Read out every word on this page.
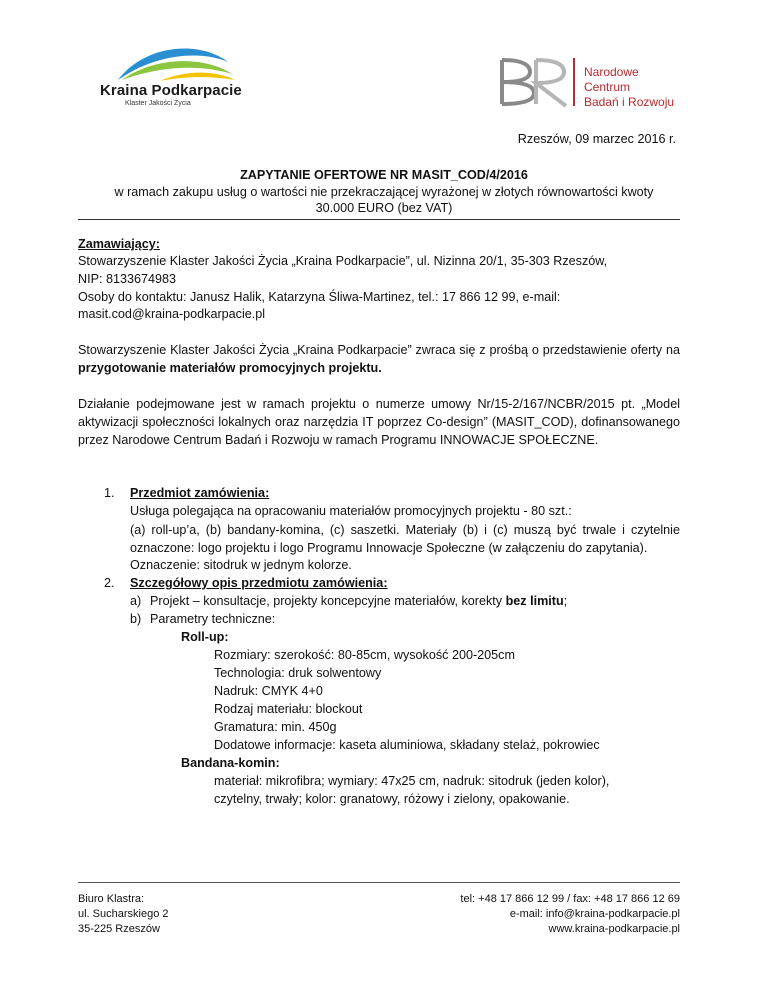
Kraina Podkarpacie
Klaster Jakości Życia
Narodowe Centrum
Badań i Rozwoju
Rzeszów, 09 marzec 2016 r.
ZAPYTANIE OFERTOWE NR MASIT_COD/4/2016
w ramach zakupu usług o wartości nie przekraczającej wyrażonej w złotych równowartości kwoty
30.000 EURO (bez VAT)
Zamawiający:
Stowarzyszenie Klaster Jakości Życia „Kraina Podkarpacie”, ul. Nizinna 20/1, 35-303 Rzeszów,
NIP: 8133674983
Osoby do kontaktu: Janusz Halik, Katarzyna Śliwa-Martinez, tel.: 17 866 12 99, e-mail:
masit.cod@kraina-podkarpacie.pl
Stowarzyszenie Klaster Jakości Życia „Kraina Podkarpacie” zwraca się z prośbą o przedstawienie oferty na przygotowanie materiałów promocyjnych projektu.
Działanie podejmowane jest w ramach projektu o numerze umowy Nr/15-2/167/NCBR/2015 pt. „Model aktywizacji społeczności lokalnych oraz narzędzia IT poprzez Co-design” (MASIT_COD), dofinansowanego przez Narodowe Centrum Badań i Rozwoju w ramach Programu INNOWACJE SPOŁECZNE.
1. Przedmiot zamówienia:
Usługa polegająca na opracowaniu materiałów promocyjnych projektu - 80 szt.:
(a) roll-up’a, (b) bandany-komina, (c) saszetki. Materiały (b) i (c) muszą być trwale i czytelnie oznaczone: logo projektu i logo Programu Innowacje Społeczne (w załączeniu do zapytania).
Oznaczenie: sitodruk w jednym kolorze.
2. Szczegółowy opis przedmiotu zamówienia:
a) Projekt – konsultacje, projekty koncepcyjne materiałów, korekty bez limitu;
b) Parametry techniczne:
Roll-up:
Rozmiary: szerokość: 80-85cm, wysokość 200-205cm
Technologia: druk solwentowy
Nadruk: CMYK 4+0
Rodzaj materiału: blockout
Gramatura: min. 450g
Dodatowe informacje: kaseta aluminiowa, składany stelaż, pokrowiec
Bandana-komin:
materiał: mikrofibra; wymiary: 47x25 cm, nadruk: sitodruk (jeden kolor),
czytelny, trwały; kolor: granatowy, różowy i zielony, opakowanie.
Biuro Klastra:
ul. Sucharskiego 2
35-225 Rzeszów
tel: +48 17 866 12 99 / fax: +48 17 866 12 69
e-mail: info@kraina-podkarpacie.pl
www.kraina-podkarpacie.pl
